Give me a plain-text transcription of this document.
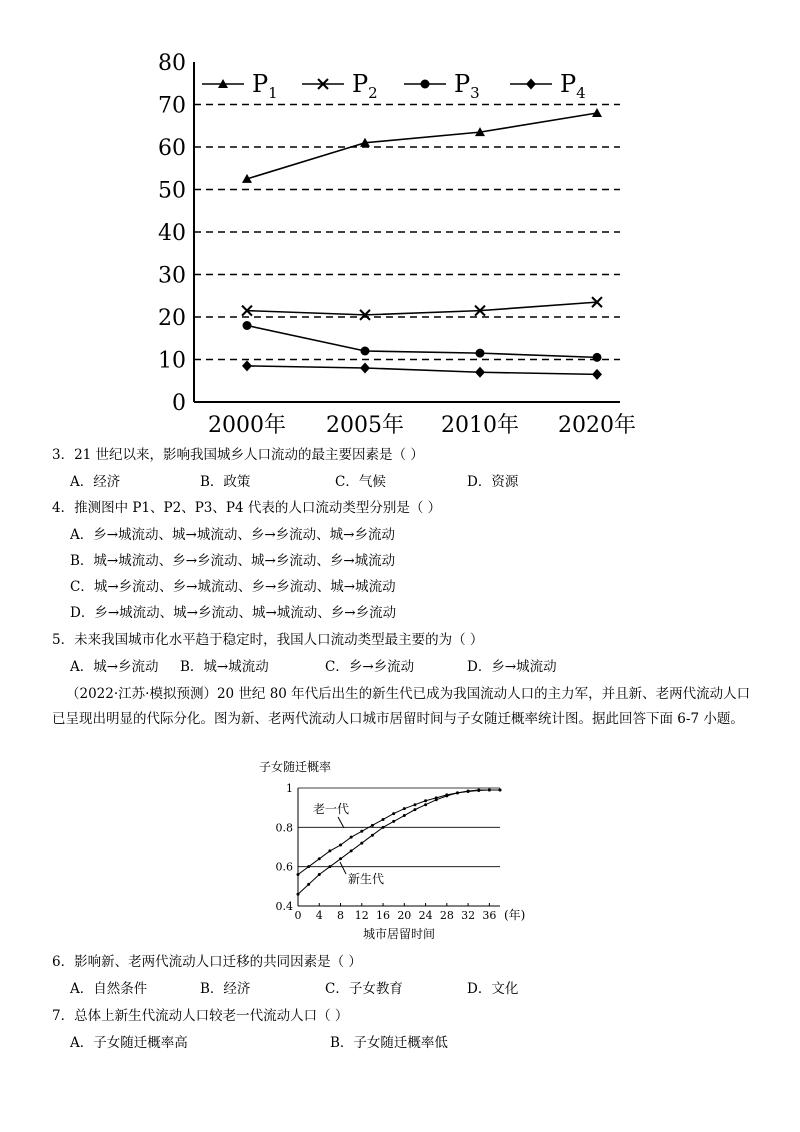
0
10
20
30
40
50
60
70
80
2000年 2005年 2010年 2020年
$P_1$	$P_2$	$P_3$	$P_4$
3．21 世纪以来，影响我国城乡人口流动的最主要因素是（ ）
A．经济	B．政策	C．气候	D．资源
4．推测图中 P1、P2、P3、P4 代表的人口流动类型分别是（ ）
A．乡→城流动、城→城流动、乡→乡流动、城→乡流动
B．城→城流动、乡→乡流动、城→乡流动、乡→城流动
C．城→乡流动、乡→城流动、乡→乡流动、城→城流动
D．乡→城流动、城→乡流动、城→城流动、乡→乡流动
5．未来我国城市化水平趋于稳定时，我国人口流动类型最主要的为（ ）
A．城→乡流动 B．城→城流动	C．乡→乡流动	D．乡→城流动
（2022·江苏·模拟预测）20 世纪 80 年代后出生的新生代已成为我国流动人口的主力军，并且新、老两代流动人口已呈现出明显的代际分化。图为新、老两代流动人口城市居留时间与子女随迁概率统计图。据此回答下面 6-7 小题。
子女随迁概率
0.4
0.6
0.8
1
0 4 8 12 16 20 24 28 32 36 (年)
城市居留时间
老一代
新生代
6．影响新、老两代流动人口迁移的共同因素是（ ）
A．自然条件	B．经济	C．子女教育	D．文化
7．总体上新生代流动人口较老一代流动人口（ ）
A．子女随迁概率高	B．子女随迁概率低
